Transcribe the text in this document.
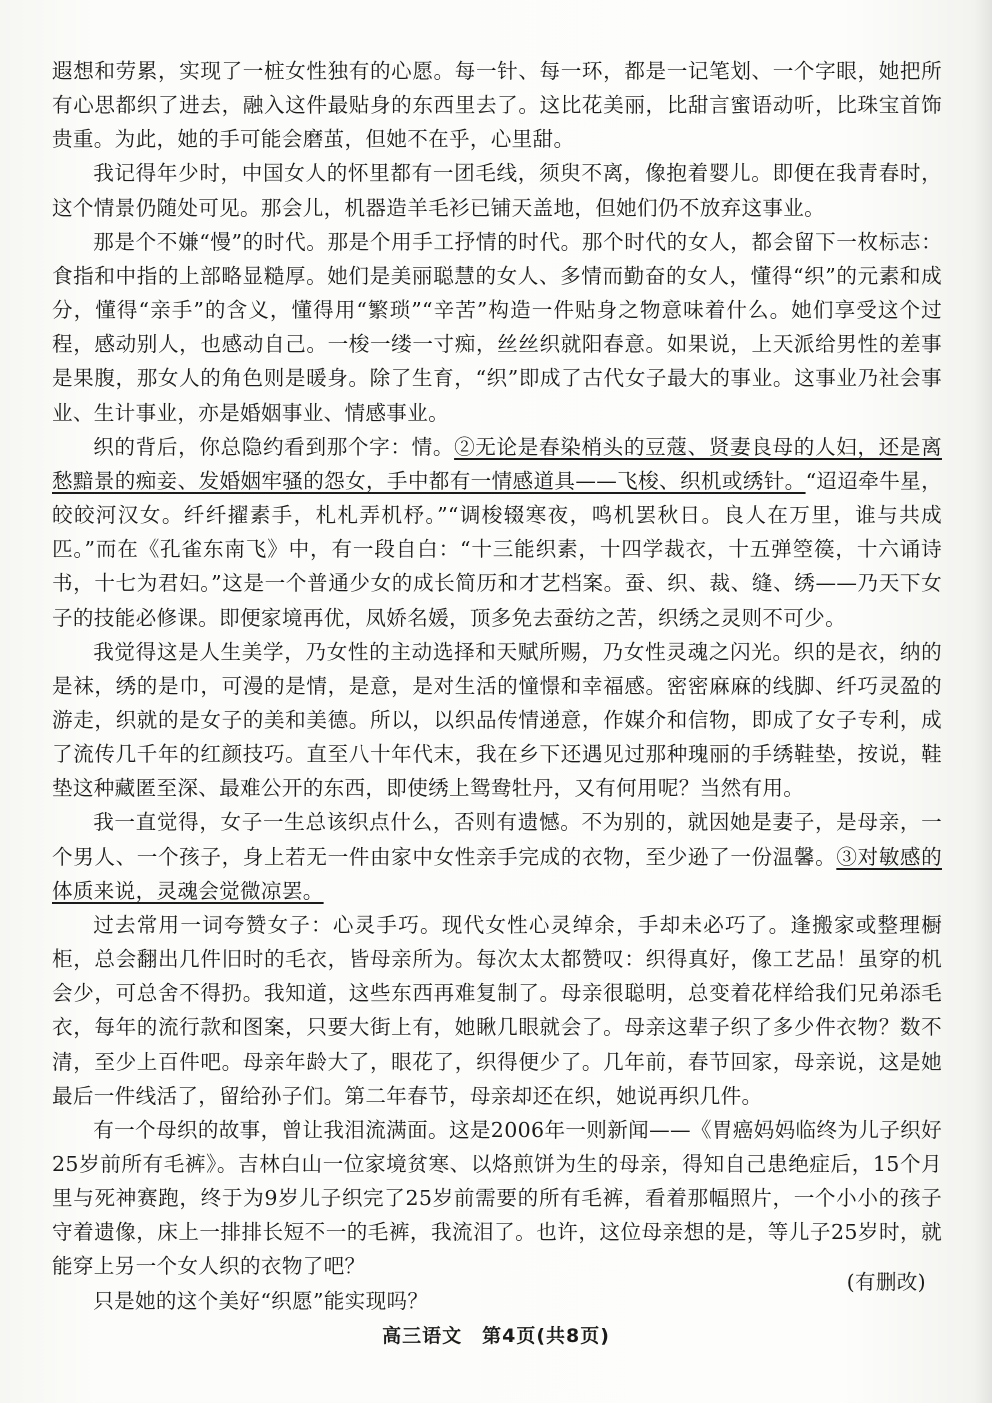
遐想和劳累，实现了一桩女性独有的心愿。每一针、每一环，都是一记笔划、一个字眼，她把所有心思都织了进去，融入这件最贴身的东西里去了。这比花美丽，比甜言蜜语动听，比珠宝首饰贵重。为此，她的手可能会磨茧，但她不在乎，心里甜。

我记得年少时，中国女人的怀里都有一团毛线，须臾不离，像抱着婴儿。即便在我青春时，这个情景仍随处可见。那会儿，机器造羊毛衫已铺天盖地，但她们仍不放弃这事业。

那是个不嫌“慢”的时代。那是个用手工抒情的时代。那个时代的女人，都会留下一枚标志：食指和中指的上部略显糙厚。她们是美丽聪慧的女人、多情而勤奋的女人，懂得“织”的元素和成分，懂得“亲手”的含义，懂得用“繁琐”“辛苦”构造一件贴身之物意味着什么。她们享受这个过程，感动别人，也感动自己。一梭一缕一寸痴，丝丝织就阳春意。如果说，上天派给男性的差事是果腹，那女人的角色则是暖身。除了生育，“织”即成了古代女子最大的事业。这事业乃社会事业、生计事业，亦是婚姻事业、情感事业。

织的背后，你总隐约看到那个字：情。②无论是春染梢头的豆蔻、贤妻良母的人妇，还是离愁黯景的痴妾、发婚姻牢骚的怨女，手中都有一情感道具——飞梭、织机或绣针。“迢迢牵牛星，皎皎河汉女。纤纤擢素手，札札弄机杼。”“调梭辍寒夜，鸣机罢秋日。良人在万里，谁与共成匹。”而在《孔雀东南飞》中，有一段自白：“十三能织素，十四学裁衣，十五弹箜篌，十六诵诗书，十七为君妇。”这是一个普通少女的成长简历和才艺档案。蚕、织、裁、缝、绣——乃天下女子的技能必修课。即便家境再优，凤娇名媛，顶多免去蚕纺之苦，织绣之灵则不可少。

我觉得这是人生美学，乃女性的主动选择和天赋所赐，乃女性灵魂之闪光。织的是衣，纳的是袜，绣的是巾，可漫的是情，是意，是对生活的憧憬和幸福感。密密麻麻的线脚、纤巧灵盈的游走，织就的是女子的美和美德。所以，以织品传情递意，作媒介和信物，即成了女子专利，成了流传几千年的红颜技巧。直至八十年代末，我在乡下还遇见过那种瑰丽的手绣鞋垫，按说，鞋垫这种藏匿至深、最难公开的东西，即使绣上鸳鸯牡丹，又有何用呢？当然有用。

我一直觉得，女子一生总该织点什么，否则有遗憾。不为别的，就因她是妻子，是母亲，一个男人、一个孩子，身上若无一件由家中女性亲手完成的衣物，至少逊了一份温馨。③对敏感的体质来说，灵魂会觉微凉罢。

过去常用一词夸赞女子：心灵手巧。现代女性心灵绰余，手却未必巧了。逢搬家或整理橱柜，总会翻出几件旧时的毛衣，皆母亲所为。每次太太都赞叹：织得真好，像工艺品！虽穿的机会少，可总舍不得扔。我知道，这些东西再难复制了。母亲很聪明，总变着花样给我们兄弟添毛衣，每年的流行款和图案，只要大街上有，她瞅几眼就会了。母亲这辈子织了多少件衣物？数不清，至少上百件吧。母亲年龄大了，眼花了，织得便少了。几年前，春节回家，母亲说，这是她最后一件线活了，留给孙子们。第二年春节，母亲却还在织，她说再织几件。

有一个母织的故事，曾让我泪流满面。这是2006年一则新闻——《胃癌妈妈临终为儿子织好25岁前所有毛裤》。吉林白山一位家境贫寒、以烙煎饼为生的母亲，得知自己患绝症后，15个月里与死神赛跑，终于为9岁儿子织完了25岁前需要的所有毛裤，看着那幅照片，一个小小的孩子守着遗像，床上一排排长短不一的毛裤，我流泪了。也许，这位母亲想的是，等儿子25岁时，就能穿上另一个女人织的衣物了吧？

只是她的这个美好“织愿”能实现吗？

(有删改)
高三语文　第4页(共8页)
